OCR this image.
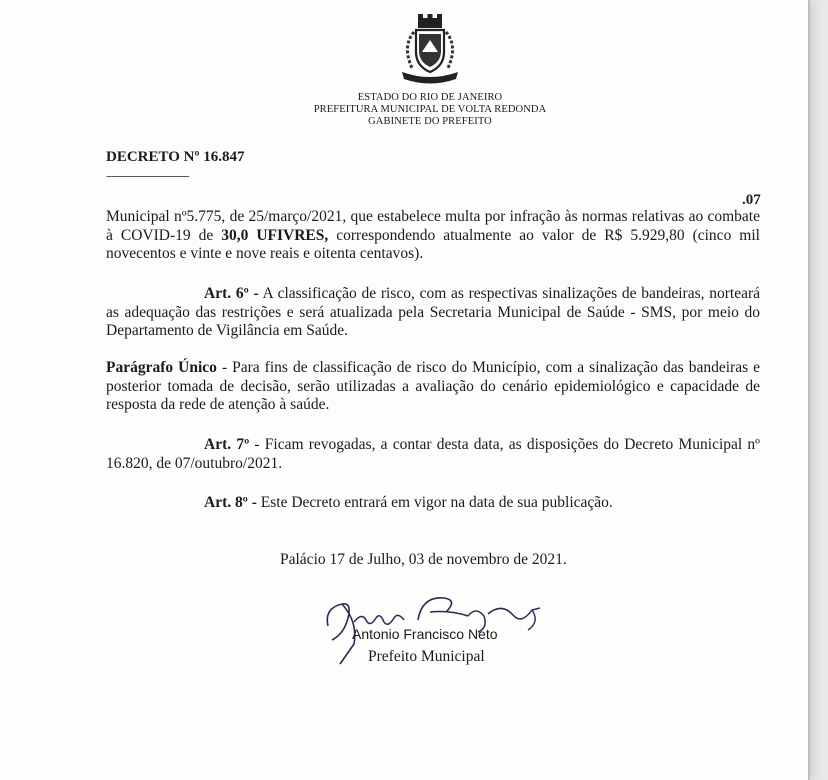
ESTADO DO RIO DE JANEIRO
PREFEITURA MUNICIPAL DE VOLTA REDONDA
GABINETE DO PREFEITO
DECRETO Nº 16.847
-------------------------------
.07
Municipal nº5.775, de 25/março/2021, que estabelece multa por infração às normas relativas ao combate à COVID-19 de 30,0 UFIVRES, correspondendo atualmente ao valor de R$ 5.929,80 (cinco mil novecentos e vinte e nove reais e oitenta centavos).
Art. 6º - A classificação de risco, com as respectivas sinalizações de bandeiras, norteará as adequação das restrições e será atualizada pela Secretaria Municipal de Saúde - SMS, por meio do Departamento de Vigilância em Saúde.
Parágrafo Único - Para fins de classificação de risco do Município, com a sinalização das bandeiras e posterior tomada de decisão, serão utilizadas a avaliação do cenário epidemiológico e capacidade de resposta da rede de atenção à saúde.
Art. 7º - Ficam revogadas, a contar desta data, as disposições do Decreto Municipal nº 16.820, de 07/outubro/2021.
Art. 8º - Este Decreto entrará em vigor na data de sua publicação.
Palácio 17 de Julho, 03 de novembro de 2021.
Antonio Francisco Neto
Prefeito Municipal
